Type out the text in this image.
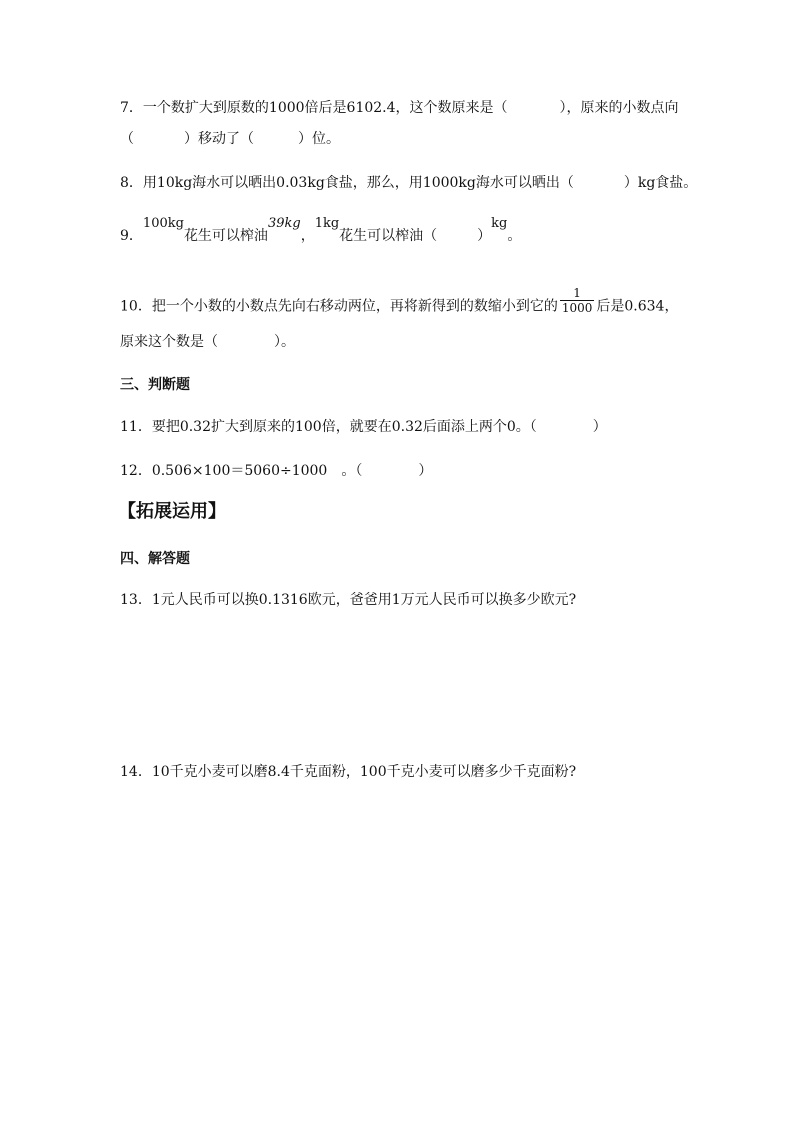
7．一个数扩大到原数的1000倍后是6102.4，这个数原来是（	），原来的小数点向
（	）移动了（	）位。
8．用10kg海水可以晒出0.03kg食盐，那么，用1000kg海水可以晒出（	）kg食盐。
9．100kg花生可以榨油39kg，1kg花生可以榨油（	）kg。
10．把一个小数的小数点先向右移动两位，再将新得到的数缩小到它的 $\frac{1}{1000}$ 后是0.634，
原来这个数是（	）。
三、判断题
11．要把0.32扩大到原来的100倍，就要在0.32后面添上两个0。（	）
12．0.506×100＝5060÷1000　。（	）
【拓展运用】
四、解答题
13．1元人民币可以换0.1316欧元，爸爸用1万元人民币可以换多少欧元?
14．10千克小麦可以磨8.4千克面粉，100千克小麦可以磨多少千克面粉?
